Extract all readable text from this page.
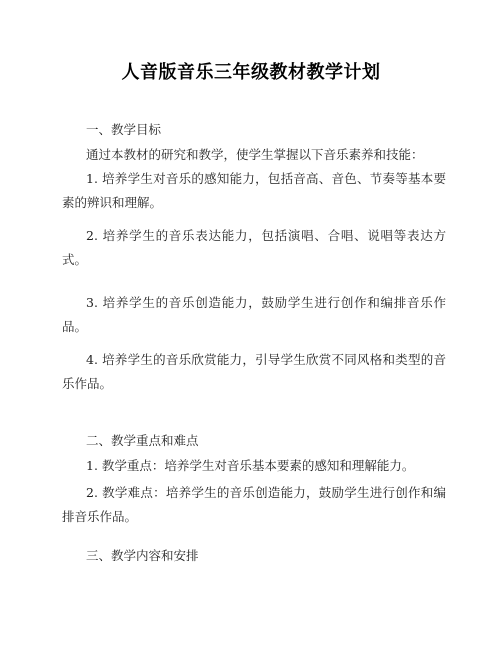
人音版音乐三年级教材教学计划

一、教学目标

通过本教材的研究和教学，使学生掌握以下音乐素养和技能：

1. 培养学生对音乐的感知能力，包括音高、音色、节奏等基本要素的辨识和理解。

2. 培养学生的音乐表达能力，包括演唱、合唱、说唱等表达方式。

3. 培养学生的音乐创造能力，鼓励学生进行创作和编排音乐作品。

4. 培养学生的音乐欣赏能力，引导学生欣赏不同风格和类型的音乐作品。

二、教学重点和难点

1. 教学重点：培养学生对音乐基本要素的感知和理解能力。

2. 教学难点：培养学生的音乐创造能力，鼓励学生进行创作和编排音乐作品。

三、教学内容和安排
